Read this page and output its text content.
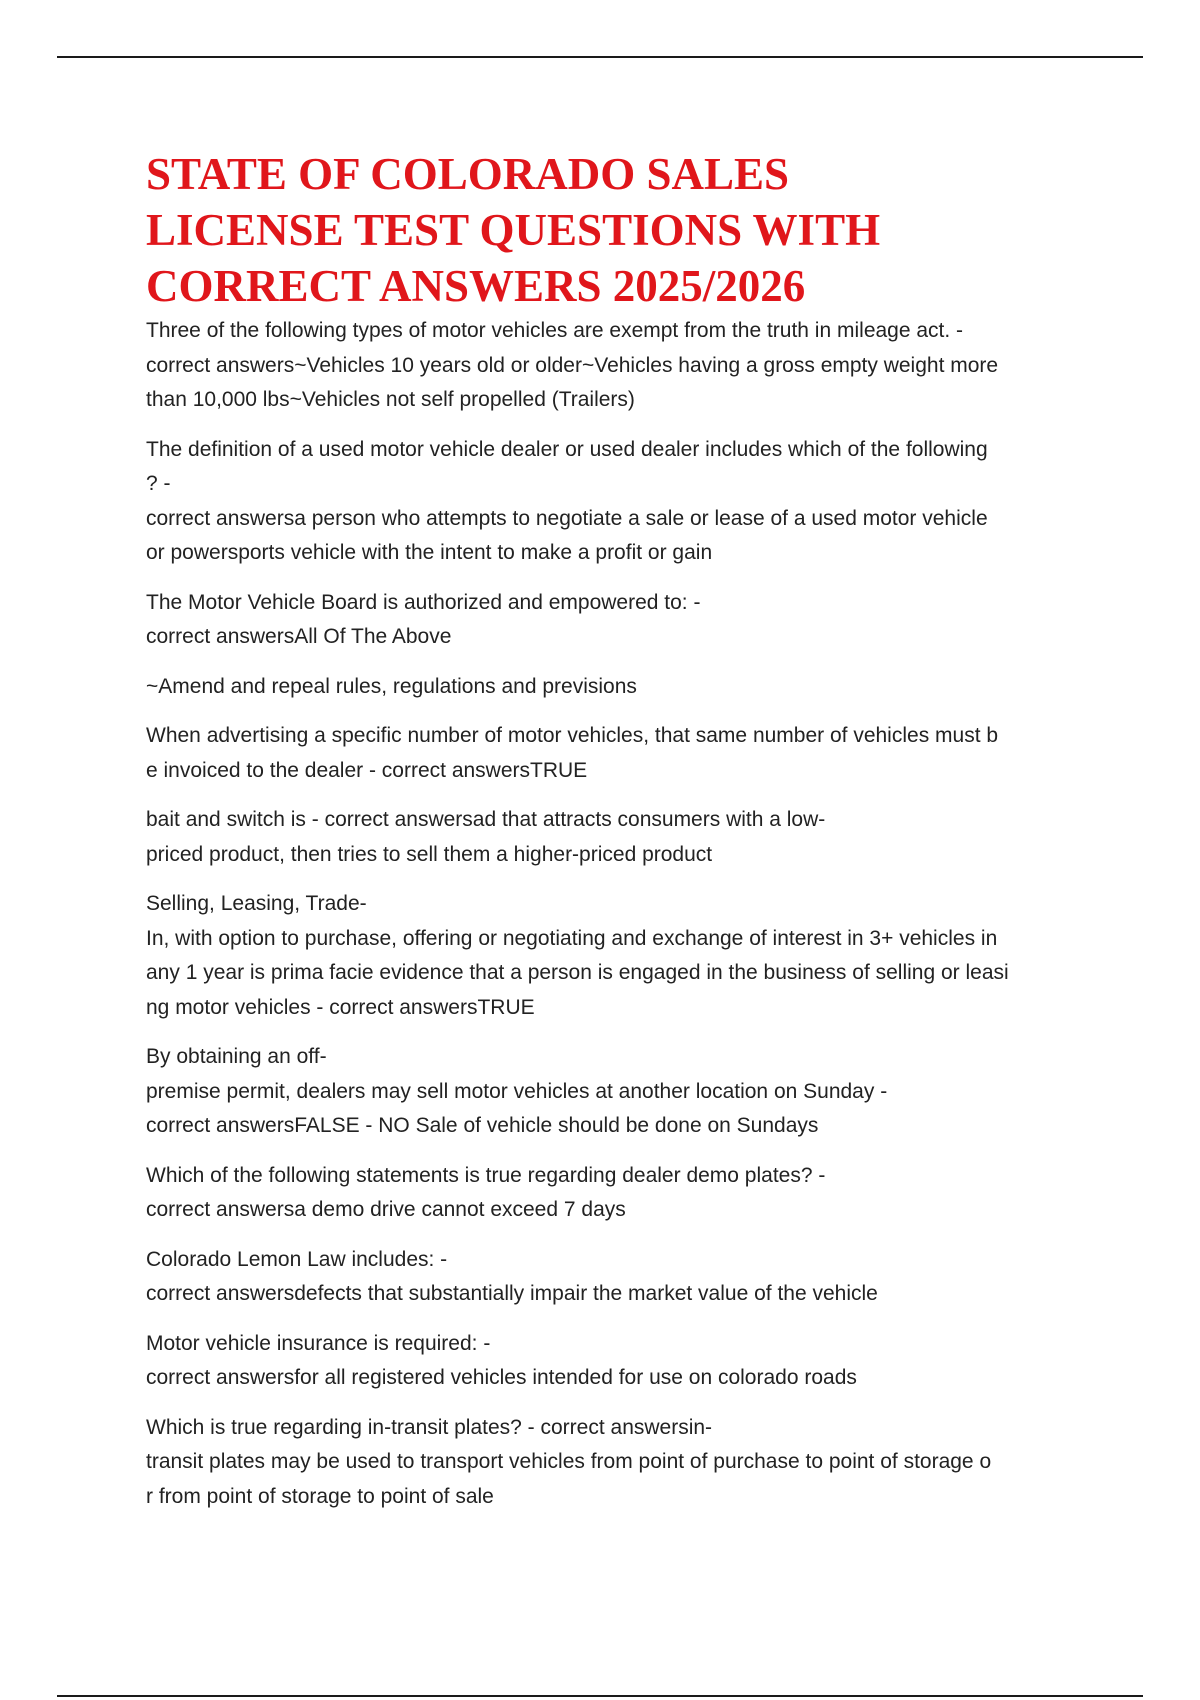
STATE OF COLORADO SALES
LICENSE TEST QUESTIONS WITH
CORRECT ANSWERS 2025/2026

Three of the following types of motor vehicles are exempt from the truth in mileage act. -
correct answers~Vehicles 10 years old or older~Vehicles having a gross empty weight more
than 10,000 lbs~Vehicles not self propelled (Trailers)

The definition of a used motor vehicle dealer or used dealer includes which of the following
? -
correct answersa person who attempts to negotiate a sale or lease of a used motor vehicle
or powersports vehicle with the intent to make a profit or gain

The Motor Vehicle Board is authorized and empowered to: -
correct answersAll Of The Above

~Amend and repeal rules, regulations and previsions

When advertising a specific number of motor vehicles, that same number of vehicles must b
e invoiced to the dealer - correct answersTRUE

bait and switch is - correct answersad that attracts consumers with a low-
priced product, then tries to sell them a higher-priced product

Selling, Leasing, Trade-
In, with option to purchase, offering or negotiating and exchange of interest in 3+ vehicles in
any 1 year is prima facie evidence that a person is engaged in the business of selling or leasi
ng motor vehicles - correct answersTRUE

By obtaining an off-
premise permit, dealers may sell motor vehicles at another location on Sunday -
correct answersFALSE - NO Sale of vehicle should be done on Sundays

Which of the following statements is true regarding dealer demo plates? -
correct answersa demo drive cannot exceed 7 days

Colorado Lemon Law includes: -
correct answersdefects that substantially impair the market value of the vehicle

Motor vehicle insurance is required: -
correct answersfor all registered vehicles intended for use on colorado roads

Which is true regarding in-transit plates? - correct answersin-
transit plates may be used to transport vehicles from point of purchase to point of storage o
r from point of storage to point of sale
